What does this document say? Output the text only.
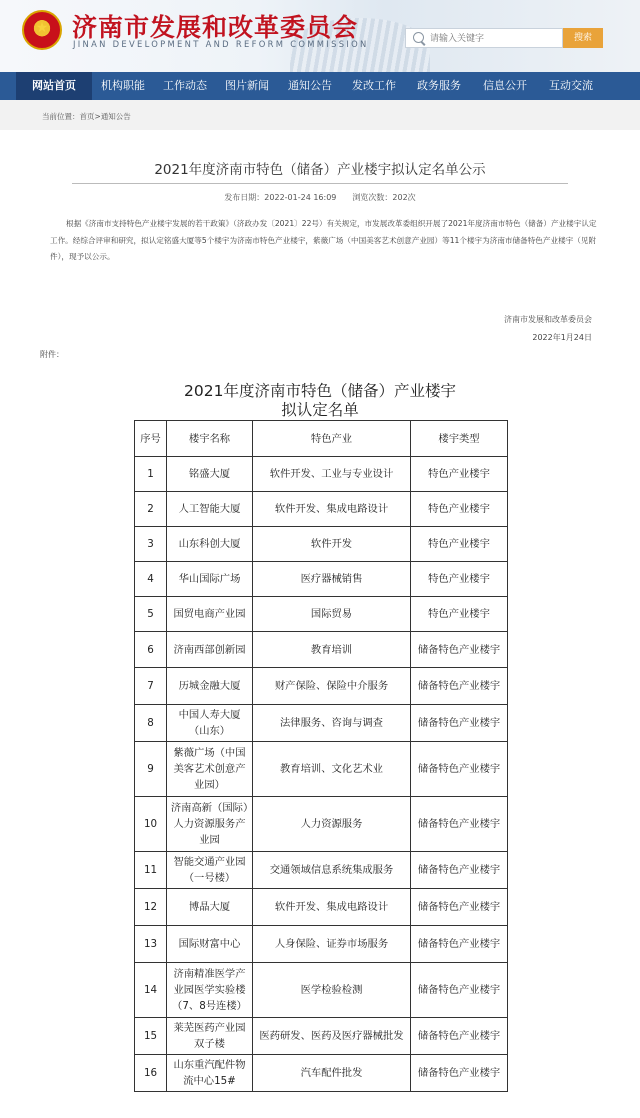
★ 济南市发展和改革委员会
JINAN DEVELOPMENT AND REFORM COMMISSION
请输入关键字
搜索
网站首页	机构职能	工作动态	图片新闻	通知公告	发改工作	政务服务	信息公开	互动交流
当前位置：首页>通知公告
2021年度济南市特色（储备）产业楼宇拟认定名单公示
发布日期：2022-01-24 16:09　　浏览次数：202次
根据《济南市支持特色产业楼宇发展的若干政策》（济政办发〔2021〕22号）有关规定，市发展改革委组织开展了2021年度济南市特色（储备）产业楼宇认定工作。经综合评审和研究，拟认定铭盛大厦等5个楼宇为济南市特色产业楼宇，紫薇广场（中国美客艺术创意产业园）等11个楼宇为济南市储备特色产业楼宇（见附件），现予以公示。
济南市发展和改革委员会
2022年1月24日
附件：
2021年度济南市特色（储备）产业楼宇
拟认定名单
序号	楼宇名称	特色产业	楼宇类型
1	铭盛大厦	软件开发、工业与专业设计	特色产业楼宇
2	人工智能大厦	软件开发、集成电路设计	特色产业楼宇
3	山东科创大厦	软件开发	特色产业楼宇
4	华山国际广场	医疗器械销售	特色产业楼宇
5	国贸电商产业园	国际贸易	特色产业楼宇
6	济南西部创新园	教育培训	储备特色产业楼宇
7	历城金融大厦	财产保险、保险中介服务	储备特色产业楼宇
8	中国人寿大厦（山东）	法律服务、咨询与调查	储备特色产业楼宇
9	紫薇广场（中国美客艺术创意产业园）	教育培训、文化艺术业	储备特色产业楼宇
10	济南高新（国际）人力资源服务产业园	人力资源服务	储备特色产业楼宇
11	智能交通产业园（一号楼）	交通领域信息系统集成服务	储备特色产业楼宇
12	博晶大厦	软件开发、集成电路设计	储备特色产业楼宇
13	国际财富中心	人身保险、证券市场服务	储备特色产业楼宇
14	济南精准医学产业园医学实验楼（7、8号连楼）	医学检验检测	储备特色产业楼宇
15	莱芜医药产业园双子楼	医药研发、医药及医疗器械批发	储备特色产业楼宇
16	山东重汽配件物流中心15#	汽车配件批发	储备特色产业楼宇
